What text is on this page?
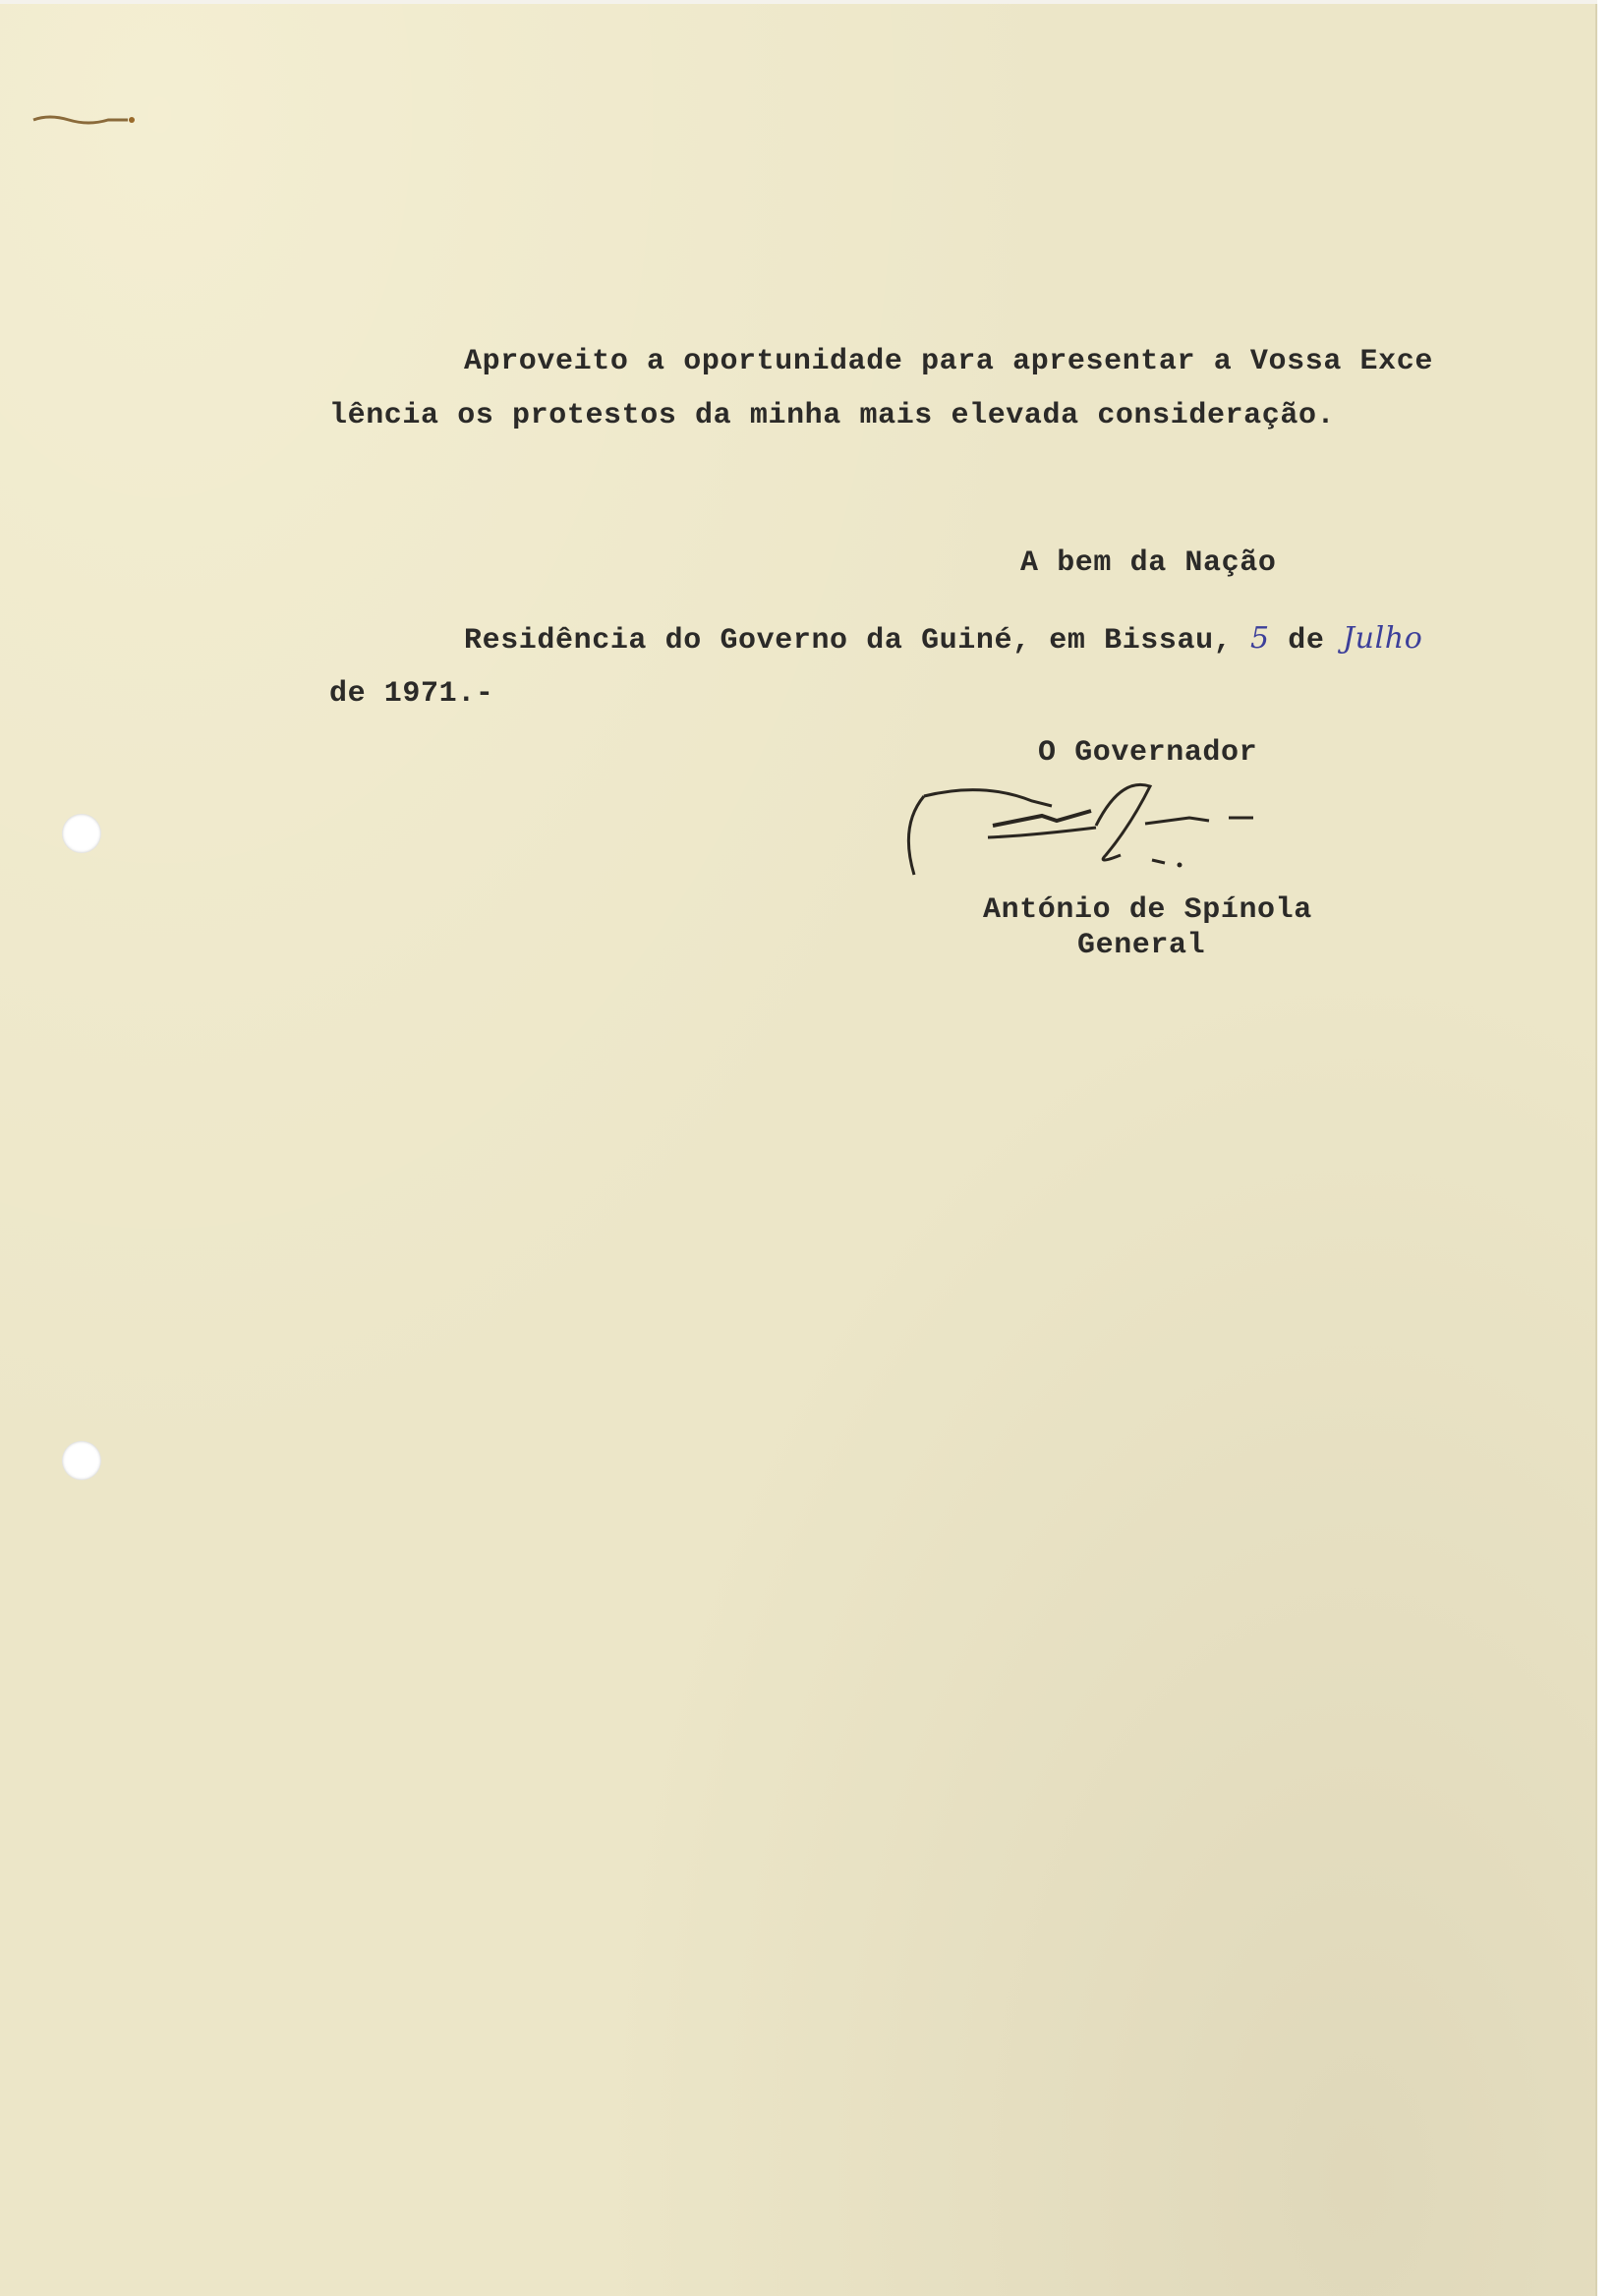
Aproveito a oportunidade para apresentar a Vossa Exce
lência os protestos da minha mais elevada consideração.
A bem da Nação
Residência do Governo da Guiné, em Bissau, 5 de Julho
de 1971.-
O Governador
António de Spínola
General
